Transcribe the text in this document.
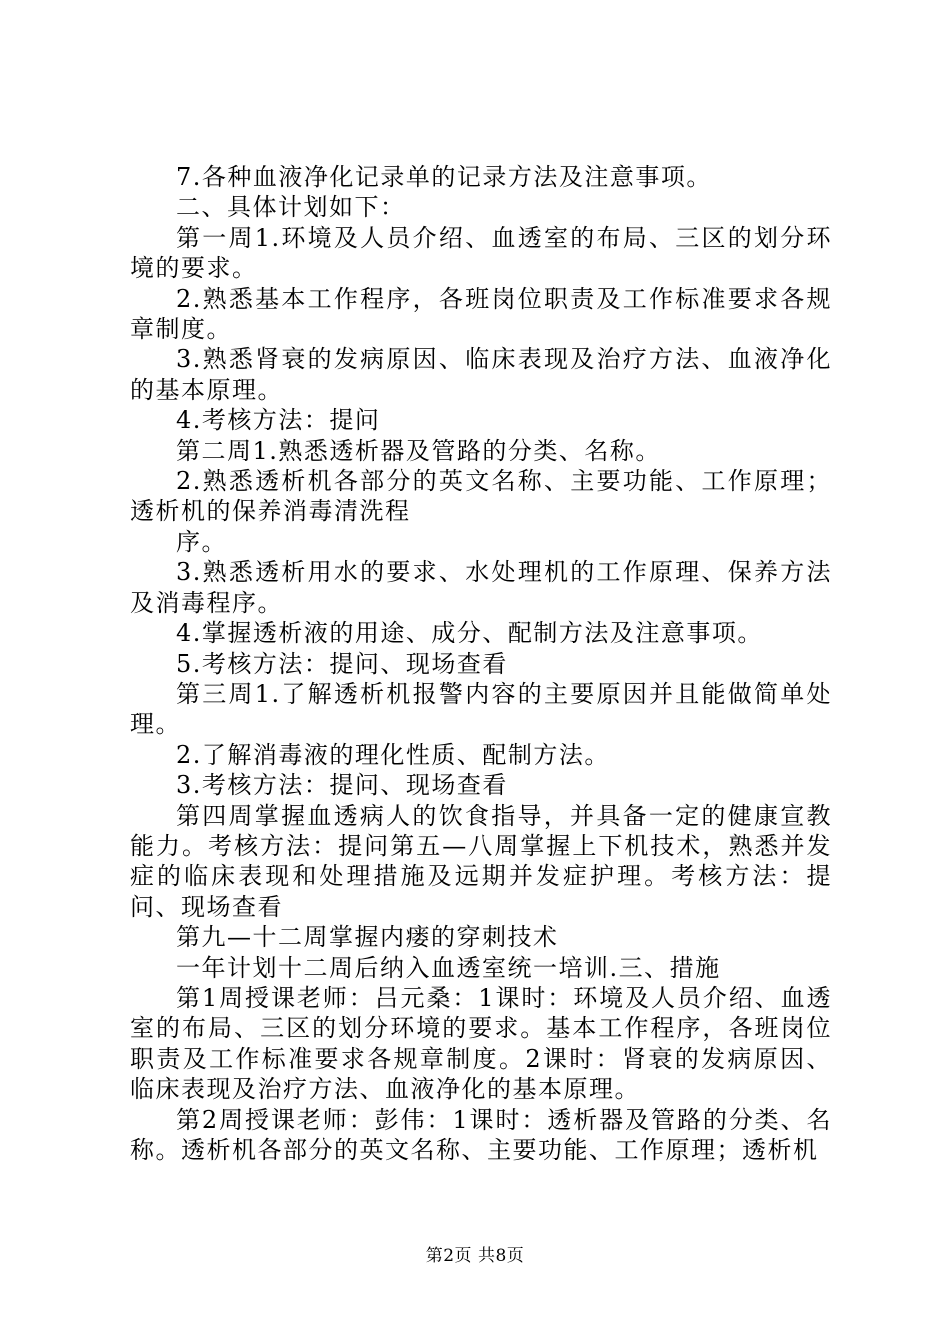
7.各种血液净化记录单的记录方法及注意事项。

二、具体计划如下：

第一周1.环境及人员介绍、血透室的布局、三区的划分环境的要求。

2.熟悉基本工作程序，各班岗位职责及工作标准要求各规章制度。

3.熟悉肾衰的发病原因、临床表现及治疗方法、血液净化的基本原理。

4.考核方法：提问

第二周1.熟悉透析器及管路的分类、名称。

2.熟悉透析机各部分的英文名称、主要功能、工作原理；透析机的保养消毒清洗程

序。

3.熟悉透析用水的要求、水处理机的工作原理、保养方法及消毒程序。

4.掌握透析液的用途、成分、配制方法及注意事项。

5.考核方法：提问、现场查看

第三周1.了解透析机报警内容的主要原因并且能做简单处理。

2.了解消毒液的理化性质、配制方法。

3.考核方法：提问、现场查看

第四周掌握血透病人的饮食指导，并具备一定的健康宣教能力。考核方法：提问第五—八周掌握上下机技术，熟悉并发症的临床表现和处理措施及远期并发症护理。考核方法：提问、现场查看

第九—十二周掌握内瘘的穿刺技术

一年计划十二周后纳入血透室统一培训.三、措施

第1周授课老师：吕元桑：1课时：环境及人员介绍、血透室的布局、三区的划分环境的要求。基本工作程序，各班岗位职责及工作标准要求各规章制度。2课时：肾衰的发病原因、临床表现及治疗方法、血液净化的基本原理。

第2周授课老师：彭伟：1课时：透析器及管路的分类、名称。透析机各部分的英文名称、主要功能、工作原理；透析机

第2页 共8页
